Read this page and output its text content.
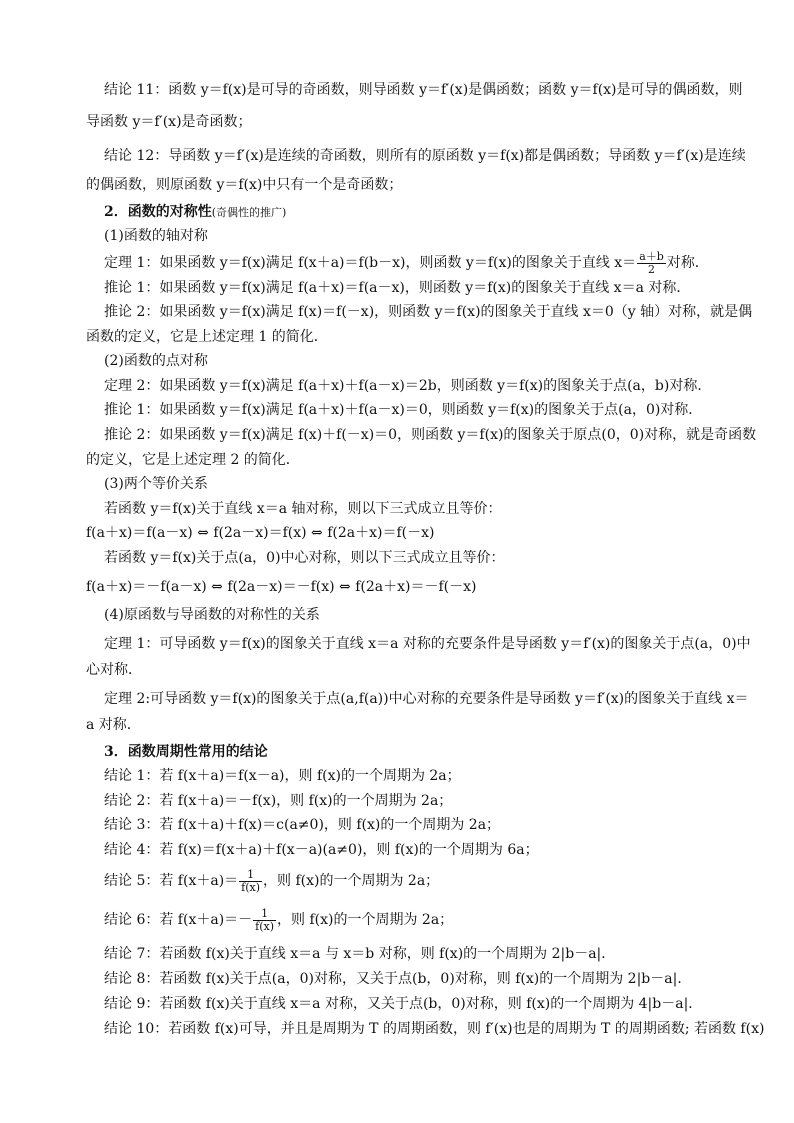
结论 11：函数 y＝f(x)是可导的奇函数，则导函数 y＝f′(x)是偶函数；函数 y＝f(x)是可导的偶函数，则
导函数 y＝f′(x)是奇函数；
结论 12：导函数 y＝f′(x)是连续的奇函数，则所有的原函数 y＝f(x)都是偶函数；导函数 y＝f′(x)是连续
的偶函数，则原函数 y＝f(x)中只有一个是奇函数；
2．函数的对称性(奇偶性的推广)
(1)函数的轴对称
定理 1：如果函数 y＝f(x)满足 f(x＋a)＝f(b－x)，则函数 y＝f(x)的图象关于直线 $x= \frac{a+b}{2}$ 对称．
推论 1：如果函数 y＝f(x)满足 f(a＋x)＝f(a－x)，则函数 y＝f(x)的图象关于直线 x＝a 对称．
推论 2：如果函数 y＝f(x)满足 f(x)＝f(－x)，则函数 y＝f(x)的图象关于直线 x＝0（y 轴）对称，就是偶
函数的定义，它是上述定理 1 的简化．
(2)函数的点对称
定理 2：如果函数 y＝f(x)满足 f(a＋x)＋f(a－x)＝2b，则函数 y＝f(x)的图象关于点(a，b)对称．
推论 1：如果函数 y＝f(x)满足 f(a＋x)＋f(a－x)＝0，则函数 y＝f(x)的图象关于点(a，0)对称．
推论 2：如果函数 y＝f(x)满足 f(x)＋f(－x)＝0，则函数 y＝f(x)的图象关于原点(0，0)对称，就是奇函数
的定义，它是上述定理 2 的简化．
(3)两个等价关系
若函数 y＝f(x)关于直线 x＝a 轴对称，则以下三式成立且等价：
f(a＋x)＝f(a－x) ⇔ f(2a－x)＝f(x) ⇔ f(2a＋x)＝f(－x)
若函数 y＝f(x)关于点(a，0)中心对称，则以下三式成立且等价：
f(a＋x)＝－f(a－x) ⇔ f(2a－x)＝－f(x) ⇔ f(2a＋x)＝－f(－x)
(4)原函数与导函数的对称性的关系
定理 1：可导函数 y＝f(x)的图象关于直线 x＝a 对称的充要条件是导函数 y＝f′(x)的图象关于点(a，0)中
心对称．
定理 2:可导函数 y＝f(x)的图象关于点(a,f(a))中心对称的充要条件是导函数 y＝f′(x)的图象关于直线 x＝
a 对称．
3．函数周期性常用的结论
结论 1：若 f(x＋a)＝f(x－a)，则 f(x)的一个周期为 2a；
结论 2：若 f(x＋a)＝－f(x)，则 f(x)的一个周期为 2a；
结论 3：若 f(x＋a)＋f(x)＝c(a≠0)，则 f(x)的一个周期为 2a；
结论 4：若 f(x)＝f(x＋a)＋f(x－a)(a≠0)，则 f(x)的一个周期为 6a；
结论 5：若 $f(x+a)= \frac{1}{f(x)}$ ，则 f(x)的一个周期为 2a；
结论 6：若 $f(x+a)=- \frac{1}{f(x)}$ ，则 f(x)的一个周期为 2a；
结论 7：若函数 f(x)关于直线 x＝a 与 x＝b 对称，则 f(x)的一个周期为 2|b－a|．
结论 8：若函数 f(x)关于点(a，0)对称，又关于点(b，0)对称，则 f(x)的一个周期为 2|b－a|．
结论 9：若函数 f(x)关于直线 x＝a 对称，又关于点(b，0)对称，则 f(x)的一个周期为 4|b－a|．
结论 10：若函数 f(x)可导，并且是周期为 T 的周期函数，则 f′(x)也是的周期为 T 的周期函数; 若函数 f(x)
